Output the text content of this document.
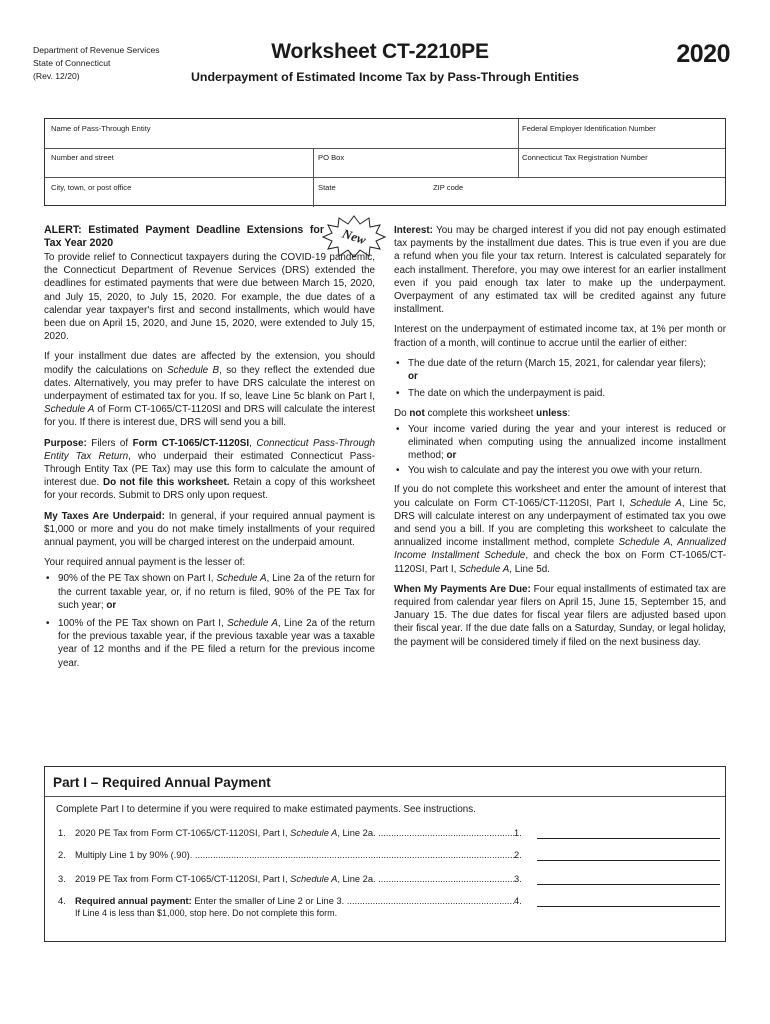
Department of Revenue Services
State of Connecticut
(Rev. 12/20)
Worksheet CT-2210PE
Underpayment of Estimated Income Tax by Pass-Through Entities
2020
Name of Pass-Through Entity	Federal Employer Identification Number
Number and street	PO Box	Connecticut Tax Registration Number
City, town, or post office	State	ZIP code
New
ALERT: Estimated Payment Deadline Extensions for Tax Year 2020

To provide relief to Connecticut taxpayers during the COVID-19 pandemic, the Connecticut Department of Revenue Services (DRS) extended the deadlines for estimated payments that were due between March 15, 2020, and July 15, 2020, to July 15, 2020. For example, the due dates of a calendar year taxpayer's first and second installments, which would have been due on April 15, 2020, and June 15, 2020, were extended to July 15, 2020.

If your installment due dates are affected by the extension, you should modify the calculations on Schedule B, so they reflect the extended due dates. Alternatively, you may prefer to have DRS calculate the interest on underpayment of estimated tax for you. If so, leave Line 5c blank on Part I, Schedule A of Form CT-1065/CT-1120SI and DRS will calculate the interest for you. If there is interest due, DRS will send you a bill.

Purpose: Filers of Form CT-1065/CT-1120SI, Connecticut Pass-Through Entity Tax Return, who underpaid their estimated Connecticut Pass-Through Entity Tax (PE Tax) may use this form to calculate the amount of interest due. Do not file this worksheet. Retain a copy of this worksheet for your records. Submit to DRS only upon request.

My Taxes Are Underpaid: In general, if your required annual payment is $1,000 or more and you do not make timely installments of your required annual payment, you will be charged interest on the underpaid amount.

Your required annual payment is the lesser of:

• 90% of the PE Tax shown on Part I, Schedule A, Line 2a of the return for the current taxable year, or, if no return is filed, 90% of the PE Tax for such year; or
• 100% of the PE Tax shown on Part I, Schedule A, Line 2a of the return for the previous taxable year, if the previous taxable year was a taxable year of 12 months and if the PE filed a return for the previous income year.

Interest: You may be charged interest if you did not pay enough estimated tax payments by the installment due dates. This is true even if you are due a refund when you file your tax return. Interest is calculated separately for each installment. Therefore, you may owe interest for an earlier installment even if you paid enough tax later to make up the underpayment. Overpayment of any estimated tax will be credited against any future installment.

Interest on the underpayment of estimated income tax, at 1% per month or fraction of a month, will continue to accrue until the earlier of either:

• The due date of the return (March 15, 2021, for calendar year filers);
or
• The date on which the underpayment is paid.

Do not complete this worksheet unless:

• Your income varied during the year and your interest is reduced or eliminated when computing using the annualized income installment method; or
• You wish to calculate and pay the interest you owe with your return.

If you do not complete this worksheet and enter the amount of interest that you calculate on Form CT-1065/CT-1120SI, Part I, Schedule A, Line 5c, DRS will calculate interest on any underpayment of estimated tax you owe and send you a bill. If you are completing this worksheet to calculate the annualized income installment method, complete Schedule A, Annualized Income Installment Schedule, and check the box on Form CT-1065/CT-1120SI, Part I, Schedule A, Line 5d.

When My Payments Are Due: Four equal installments of estimated tax are required from calendar year filers on April 15, June 15, September 15, and January 15. The due dates for fiscal year filers are adjusted based upon their fiscal year. If the due date falls on a Saturday, Sunday, or legal holiday, the payment will be considered timely if filed on the next business day.

Part I – Required Annual Payment
Complete Part I to determine if you were required to make estimated payments. See instructions.
1. 2020 PE Tax from Form CT-1065/CT-1120SI, Part I, Schedule A, Line 2a. .....	1.
2. Multiply Line 1 by 90% (.90). .....	2.
3. 2019 PE Tax from Form CT-1065/CT-1120SI, Part I, Schedule A, Line 2a. .....	3.
4. Required annual payment: Enter the smaller of Line 2 or Line 3. .....	4.
If Line 4 is less than $1,000, stop here. Do not complete this form.
